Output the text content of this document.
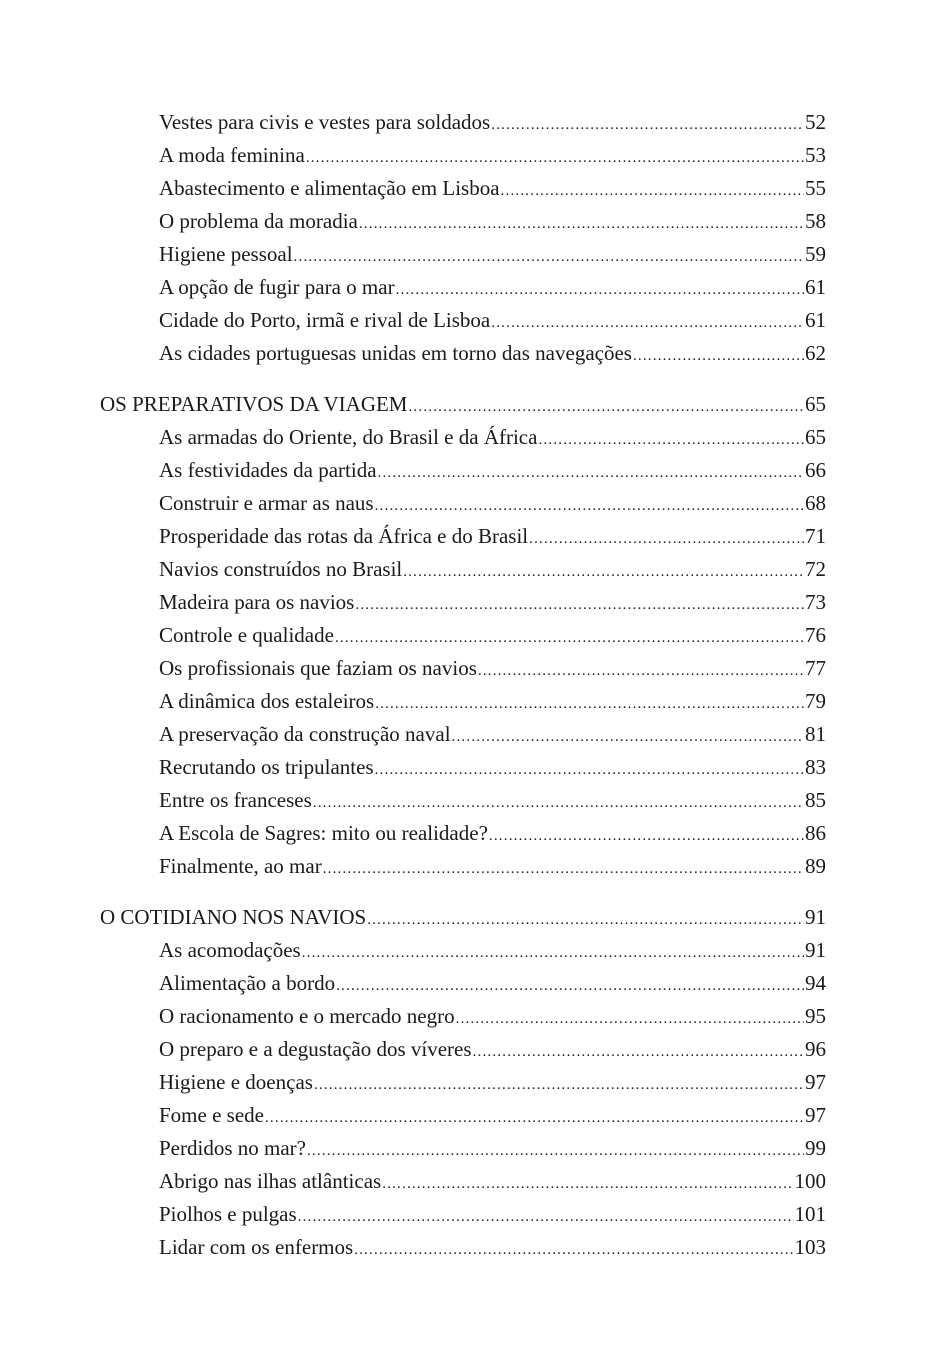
Vestes para civis e vestes para soldados .....	52
A moda feminina .....	53
Abastecimento e alimentação em Lisboa .....	55
O problema da moradia .....	58
Higiene pessoal .....	59
A opção de fugir para o mar .....	61
Cidade do Porto, irmã e rival de Lisboa .....	61
As cidades portuguesas unidas em torno das navegações .....	62
OS PREPARATIVOS DA VIAGEM .....	65
As armadas do Oriente, do Brasil e da África .....	65
As festividades da partida .....	66
Construir e armar as naus .....	68
Prosperidade das rotas da África e do Brasil .....	71
Navios construídos no Brasil .....	72
Madeira para os navios .....	73
Controle e qualidade .....	76
Os profissionais que faziam os navios .....	77
A dinâmica dos estaleiros .....	79
A preservação da construção naval .....	81
Recrutando os tripulantes .....	83
Entre os franceses .....	85
A Escola de Sagres: mito ou realidade? .....	86
Finalmente, ao mar .....	89
O COTIDIANO NOS NAVIOS .....	91
As acomodações .....	91
Alimentação a bordo .....	94
O racionamento e o mercado negro .....	95
O preparo e a degustação dos víveres .....	96
Higiene e doenças .....	97
Fome e sede .....	97
Perdidos no mar? .....	99
Abrigo nas ilhas atlânticas .....	100
Piolhos e pulgas .....	101
Lidar com os enfermos .....	103
